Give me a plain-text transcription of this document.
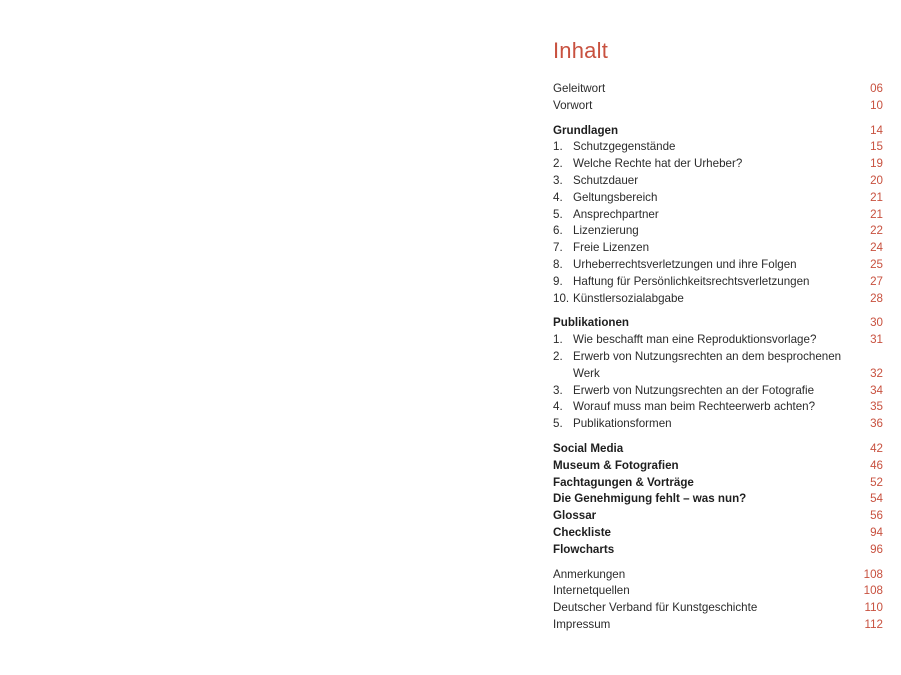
Inhalt
Geleitwort	06
Vorwort	10
Grundlagen	14
1. Schutzgegenstände	15
2. Welche Rechte hat der Urheber?	19
3. Schutzdauer	20
4. Geltungsbereich	21
5. Ansprechpartner	21
6. Lizenzierung	22
7. Freie Lizenzen	24
8. Urheberrechtsverletzungen und ihre Folgen	25
9. Haftung für Persönlichkeitsrechtsverletzungen	27
10. Künstlersozialabgabe	28
Publikationen	30
1. Wie beschafft man eine Reproduktionsvorlage?	31
2. Erwerb von Nutzungsrechten an dem besprochenen Werk	32
3. Erwerb von Nutzungsrechten an der Fotografie	34
4. Worauf muss man beim Rechteerwerb achten?	35
5. Publikationsformen	36
Social Media	42
Museum & Fotografien	46
Fachtagungen & Vorträge	52
Die Genehmigung fehlt – was nun?	54
Glossar	56
Checkliste	94
Flowcharts	96
Anmerkungen	108
Internetquellen	108
Deutscher Verband für Kunstgeschichte	110
Impressum	112
